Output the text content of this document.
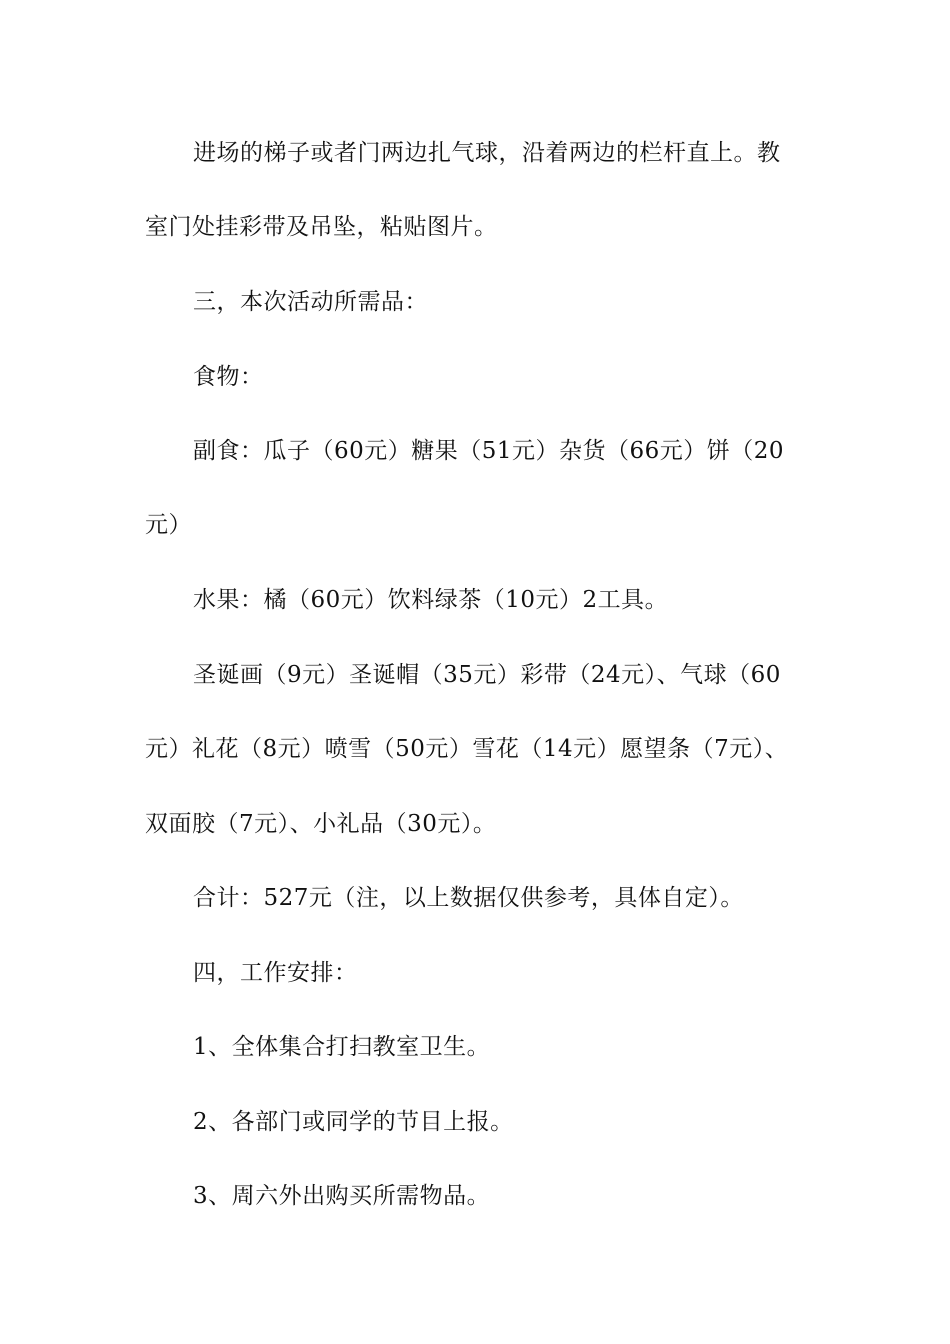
进场的梯子或者门两边扎气球，沿着两边的栏杆直上。教
室门处挂彩带及吊坠，粘贴图片。
三，本次活动所需品：
食物：
副食：瓜子（60元）糖果（51元）杂货（66元）饼（20
元）
水果：橘（60元）饮料绿茶（10元）2工具。
圣诞画（9元）圣诞帽（35元）彩带（24元）、气球（60
元）礼花（8元）喷雪（50元）雪花（14元）愿望条（7元）、
双面胶（7元）、小礼品（30元）。
合计：527元（注，以上数据仅供参考，具体自定）。
四，工作安排：
1、全体集合打扫教室卫生。
2、各部门或同学的节目上报。
3、周六外出购买所需物品。
